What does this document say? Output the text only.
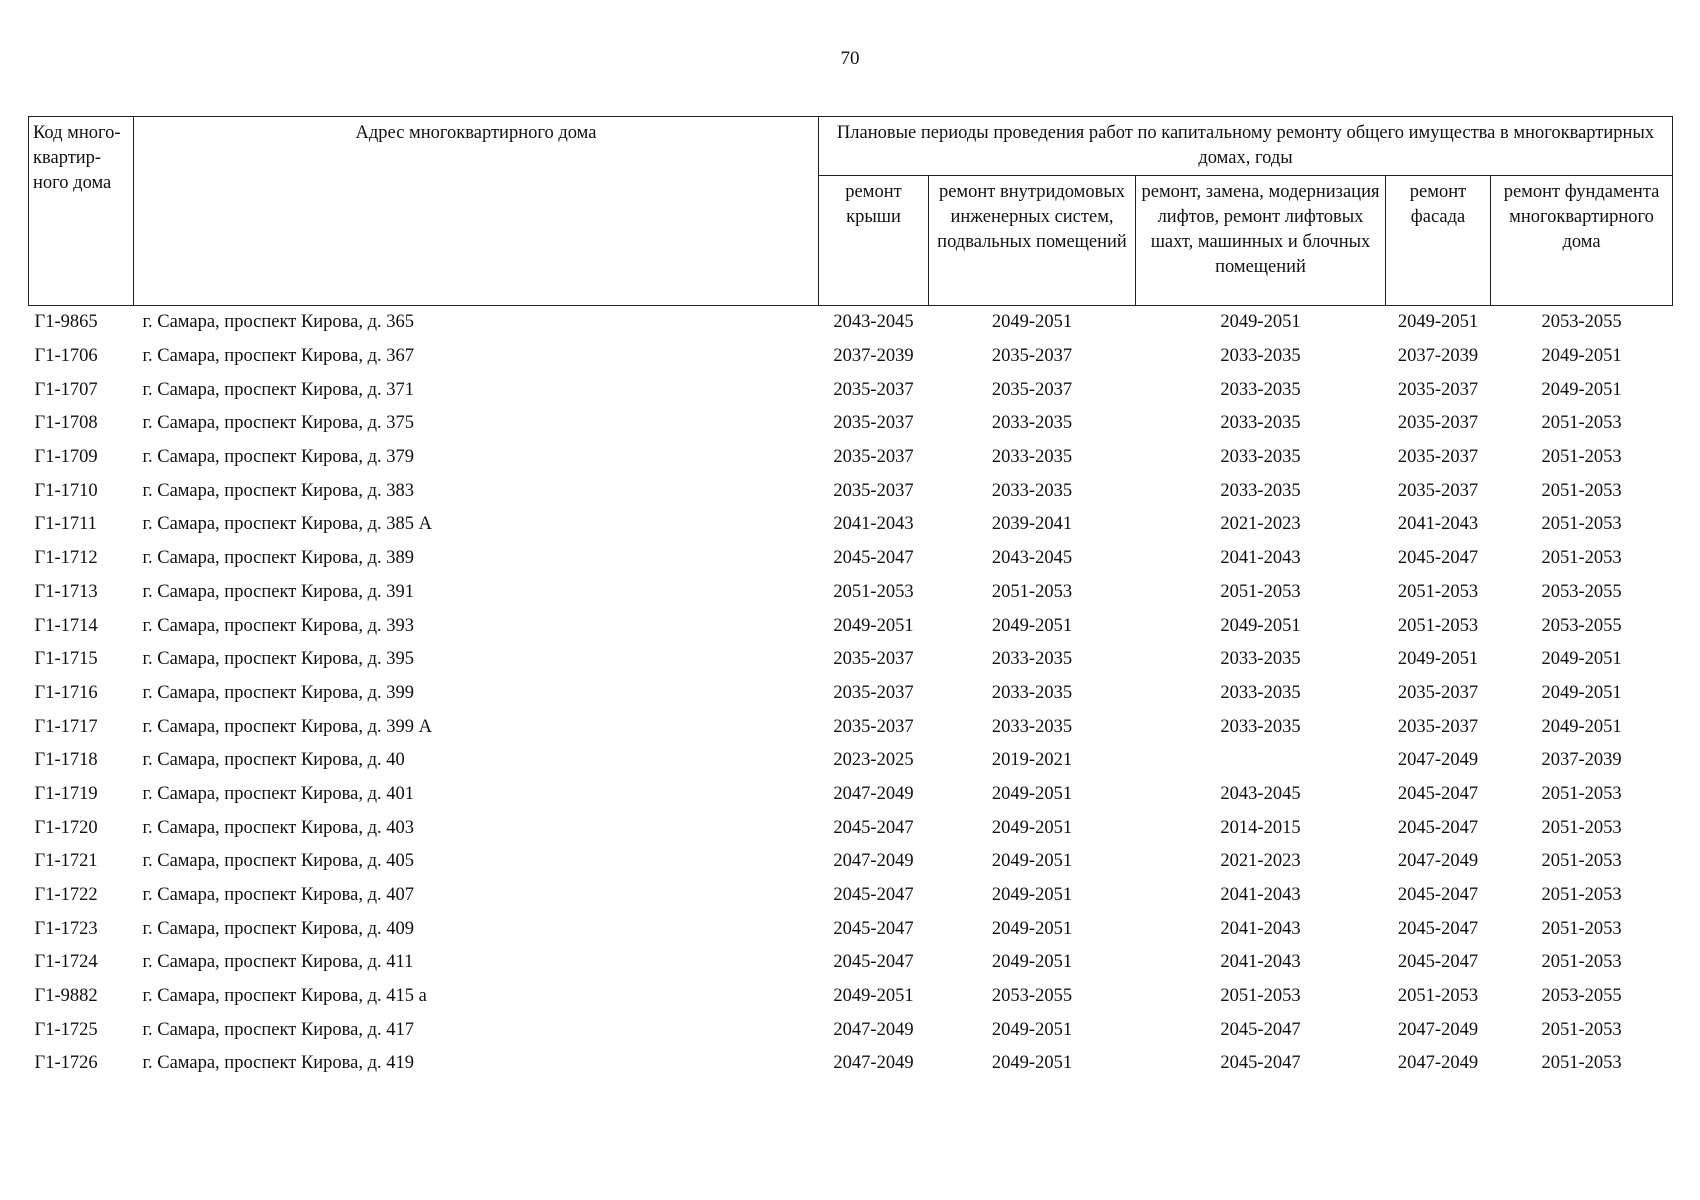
70
Код много-квартир-ного дома	Адрес многоквартирного дома	Плановые периоды проведения работ по капитальному ремонту общего имущества в многоквартирных домах, годы				
		ремонт крыши	ремонт внутридомовых инженерных систем, подвальных помещений	ремонт, замена, модернизация лифтов, ремонт лифтовых шахт, машинных и блочных помещений	ремонт фасада	ремонт фундамента многоквартирного дома
Г1-9865	г. Самара, проспект Кирова, д. 365	2043-2045	2049-2051	2049-2051	2049-2051	2053-2055
Г1-1706	г. Самара, проспект Кирова, д. 367	2037-2039	2035-2037	2033-2035	2037-2039	2049-2051
Г1-1707	г. Самара, проспект Кирова, д. 371	2035-2037	2035-2037	2033-2035	2035-2037	2049-2051
Г1-1708	г. Самара, проспект Кирова, д. 375	2035-2037	2033-2035	2033-2035	2035-2037	2051-2053
Г1-1709	г. Самара, проспект Кирова, д. 379	2035-2037	2033-2035	2033-2035	2035-2037	2051-2053
Г1-1710	г. Самара, проспект Кирова, д. 383	2035-2037	2033-2035	2033-2035	2035-2037	2051-2053
Г1-1711	г. Самара, проспект Кирова, д. 385 А	2041-2043	2039-2041	2021-2023	2041-2043	2051-2053
Г1-1712	г. Самара, проспект Кирова, д. 389	2045-2047	2043-2045	2041-2043	2045-2047	2051-2053
Г1-1713	г. Самара, проспект Кирова, д. 391	2051-2053	2051-2053	2051-2053	2051-2053	2053-2055
Г1-1714	г. Самара, проспект Кирова, д. 393	2049-2051	2049-2051	2049-2051	2051-2053	2053-2055
Г1-1715	г. Самара, проспект Кирова, д. 395	2035-2037	2033-2035	2033-2035	2049-2051	2049-2051
Г1-1716	г. Самара, проспект Кирова, д. 399	2035-2037	2033-2035	2033-2035	2035-2037	2049-2051
Г1-1717	г. Самара, проспект Кирова, д. 399 А	2035-2037	2033-2035	2033-2035	2035-2037	2049-2051
Г1-1718	г. Самара, проспект Кирова, д. 40	2023-2025	2019-2021		2047-2049	2037-2039
Г1-1719	г. Самара, проспект Кирова, д. 401	2047-2049	2049-2051	2043-2045	2045-2047	2051-2053
Г1-1720	г. Самара, проспект Кирова, д. 403	2045-2047	2049-2051	2014-2015	2045-2047	2051-2053
Г1-1721	г. Самара, проспект Кирова, д. 405	2047-2049	2049-2051	2021-2023	2047-2049	2051-2053
Г1-1722	г. Самара, проспект Кирова, д. 407	2045-2047	2049-2051	2041-2043	2045-2047	2051-2053
Г1-1723	г. Самара, проспект Кирова, д. 409	2045-2047	2049-2051	2041-2043	2045-2047	2051-2053
Г1-1724	г. Самара, проспект Кирова, д. 411	2045-2047	2049-2051	2041-2043	2045-2047	2051-2053
Г1-9882	г. Самара, проспект Кирова, д. 415 а	2049-2051	2053-2055	2051-2053	2051-2053	2053-2055
Г1-1725	г. Самара, проспект Кирова, д. 417	2047-2049	2049-2051	2045-2047	2047-2049	2051-2053
Г1-1726	г. Самара, проспект Кирова, д. 419	2047-2049	2049-2051	2045-2047	2047-2049	2051-2053
